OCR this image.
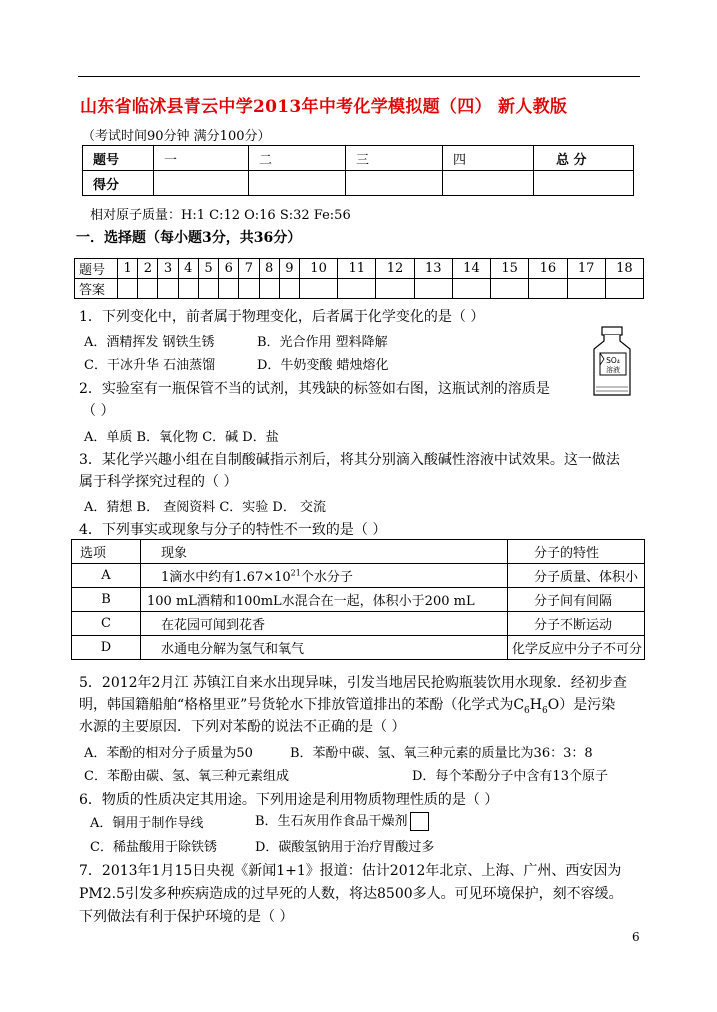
山东省临沭县青云中学2013年中考化学模拟题（四） 新人教版
（考试时间90分钟 满分100分）
题号	一	二	三	四	总 分
得分					
相对原子质量：H:1 C:12 O:16 S:32 Fe:56
一．选择题（每小题3分，共36分）
题号	1	2	3	4	5	6	7	8	9	10	11	12	13	14	15	16	17	18
答案																		
1．下列变化中，前者属于物理变化，后者属于化学变化的是（ ）
A．酒精挥发 钢铁生锈	B．光合作用 塑料降解
C．干冰升华 石油蒸馏	D．牛奶变酸 蜡烛熔化	SO₄
溶液
2．实验室有一瓶保管不当的试剂，其残缺的标签如右图，这瓶试剂的溶质是
（ ）
A．单质 B．氧化物 C．碱 D．盐
3．某化学兴趣小组在自制酸碱指示剂后，将其分别滴入酸碱性溶液中试效果。这一做法
属于科学探究过程的（ ）
A．猜想 B． 查阅资料 C．实验 D． 交流
4．下列事实或现象与分子的特性不一致的是（ ）
选项	现象	分子的特性
A	1滴水中约有$1.67\times 10^{21}$个水分子	分子质量、体积小
B	100 mL酒精和100mL水混合在一起，体积小于200 mL	分子间有间隔
C	在花园可闻到花香	分子不断运动
D	水通电分解为氢气和氧气	化学反应中分子不可分
5．2012年2月江 苏镇江自来水出现异味，引发当地居民抢购瓶装饮用水现象．经初步查
明，韩国籍船舶“格格里亚”号货轮水下排放管道排出的苯酚（化学式为$C_6H_6O$）是污染
水源的主要原因．下列对苯酚的说法不正确的是（ ）
A．苯酚的相对分子质量为50	B．苯酚中碳、氢、氧三种元素的质量比为36：3：8
C．苯酚由碳、氢、氧三种元素组成	D．每个苯酚分子中含有13个原子
6．物质的性质决定其用途。下列用途是利用物质物理性质的是（ ）
A．铜用于制作导线	B．生石灰用作食品干燥剂
C．稀盐酸用于除铁锈	D．碳酸氢钠用于治疗胃酸过多
7．2013年1月15日央视《新闻1+1》报道：估计2012年北京、上海、广州、西安因为
PM2.5引发多种疾病造成的过早死的人数，将达8500多人。可见环境保护，刻不容缓。
下列做法有利于保护环境的是（ ）
6
